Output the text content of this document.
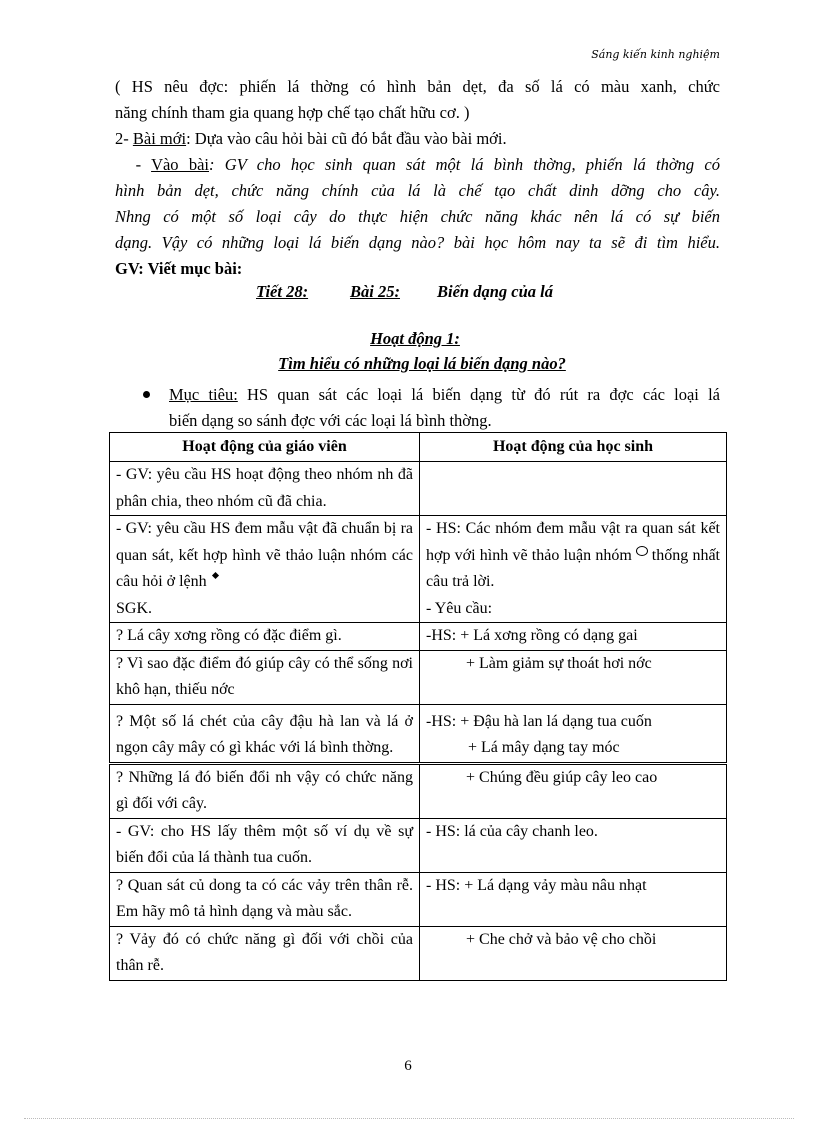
Sáng kiến kinh nghiệm
( HS nêu đợc: phiến lá thờng có hình bản dẹt, đa số lá có màu xanh, chức
năng chính tham gia quang hợp chế tạo chất hữu cơ. )
2- Bài mới: Dựa vào câu hỏi bài cũ đó bắt đầu vào bài mới.
- Vào bài: GV cho học sinh quan sát một lá bình thờng, phiến lá thờng có
hình bản dẹt, chức năng chính của lá là chế tạo chất dinh dỡng cho cây.
Nhng có một số loại cây do thực hiện chức năng khác nên lá có sự biến
dạng. Vậy có những loại lá biến dạng nào? bài học hôm nay ta sẽ đi tìm hiểu.
GV: Viết mục bài:
Tiết 28:	Bài 25: Biến dạng của lá
Hoạt động 1:
Tìm hiểu có những loại lá biến dạng nào?
Mục tiêu: HS quan sát các loại lá biến dạng từ đó rút ra đợc các loại lá
biến dạng so sánh đợc với các loại lá bình thờng.
Hoạt động của giáo viên	Hoạt động của học sinh
- GV: yêu cầu HS hoạt động theo nhóm nh đã phân chia, theo nhóm cũ đã chia.	
- GV: yêu cầu HS đem mẫu vật đã chuẩn bị ra quan sát, kết hợp hình vẽ thảo luận nhóm các câu hỏi ở lệnh
SGK.	- HS: Các nhóm đem mẫu vật ra quan sát kết hợp với hình vẽ thảo luận nhóm thống nhất câu trả lời.
- Yêu cầu:
? Lá cây xơng rồng có đặc điểm gì.	-HS: + Lá xơng rồng có dạng gai
? Vì sao đặc điểm đó giúp cây có thể sống nơi khô hạn, thiếu nớc	+ Làm giảm sự thoát hơi nớc
? Một số lá chét của cây đậu hà lan và lá ở ngọn cây mây có gì khác với lá bình thờng.	-HS: + Đậu hà lan lá dạng tua cuốn
+ Lá mây dạng tay móc
? Những lá đó biến đổi nh vậy có chức năng gì đối với cây.	+ Chúng đều giúp cây leo cao
- GV: cho HS lấy thêm một số ví dụ về sự biến đổi của lá thành tua cuốn.	- HS: lá của cây chanh leo.
? Quan sát củ dong ta có các vảy trên thân rễ. Em hãy mô tả hình dạng và màu sắc.	- HS: + Lá dạng vảy màu nâu nhạt
? Vảy đó có chức năng gì đối với chồi của thân rễ.	+ Che chở và bảo vệ cho chồi
6
